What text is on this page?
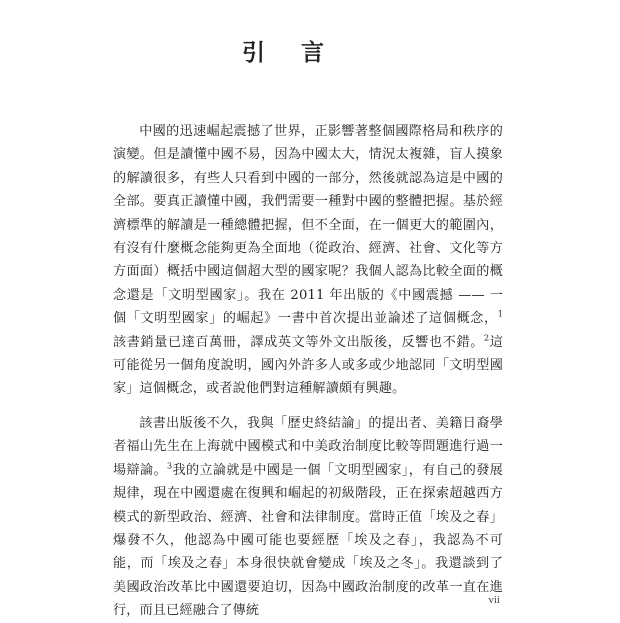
引 言

中國的迅速崛起震撼了世界，正影響著整個國際格局和秩序的演變。但是讀懂中國不易，因為中國太大，情況太複雜，盲人摸象的解讀很多，有些人只看到中國的一部分，然後就認為這是中國的全部。要真正讀懂中國，我們需要一種對中國的整體把握。基於經濟標準的解讀是一種總體把握，但不全面，在一個更大的範圍內，有沒有什麼概念能夠更為全面地（從政治、經濟、社會、文化等方方面面）概括中國這個超大型的國家呢？我個人認為比較全面的概念還是「文明型國家」。我在 2011 年出版的《中國震撼 —— 一個「文明型國家」的崛起》一書中首次提出並論述了這個概念，$^1$該書銷量已達百萬冊，譯成英文等外文出版後，反響也不錯。$^2$這可能從另一個角度說明，國內外許多人或多或少地認同「文明型國家」這個概念，或者說他們對這種解讀頗有興趣。

該書出版後不久，我與「歷史終結論」的提出者、美籍日裔學者福山先生在上海就中國模式和中美政治制度比較等問題進行過一場辯論。$^3$我的立論就是中國是一個「文明型國家」，有自己的發展規律，現在中國還處在復興和崛起的初級階段，正在探索超越西方模式的新型政治、經濟、社會和法律制度。當時正值「埃及之春」爆發不久，他認為中國可能也要經歷「埃及之春」，我認為不可能，而「埃及之春」本身很快就會變成「埃及之冬」。我還談到了美國政治改革比中國還要迫切，因為中國政治制度的改革一直在進行，而且已經融合了傳統

vii
